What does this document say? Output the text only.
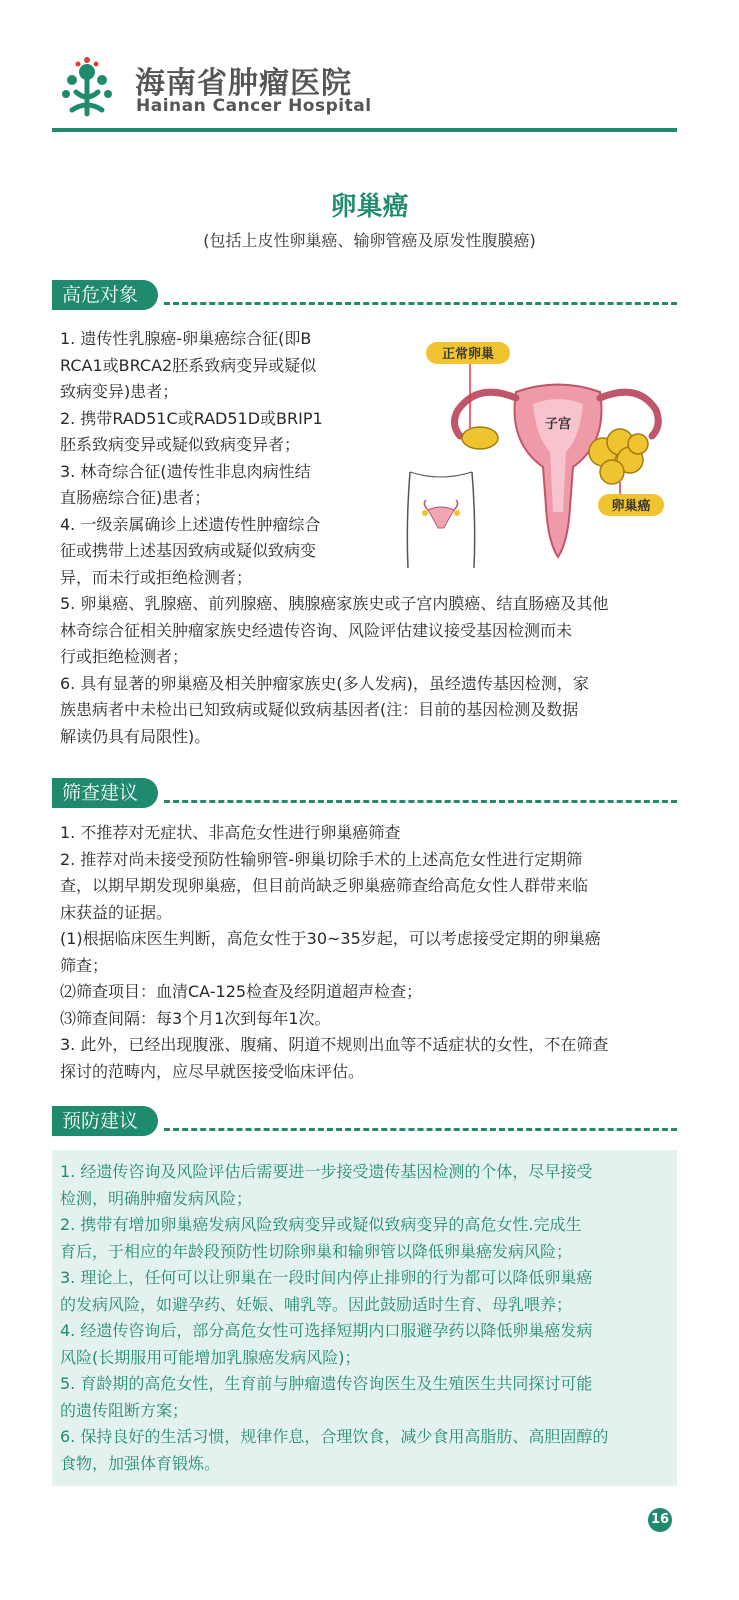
海南省肿瘤医院
Hainan Cancer Hospital
卵巢癌
(包括上皮性卵巢癌、输卵管癌及原发性腹膜癌)
高危对象
1. 遗传性乳腺癌-卵巢癌综合征(即B
RCA1或BRCA2胚系致病变异或疑似
致病变异)患者；
2. 携带RAD51C或RAD51D或BRIP1
胚系致病变异或疑似致病变异者；
3. 林奇综合征(遗传性非息肉病性结
直肠癌综合征)患者；
4. 一级亲属确诊上述遗传性肿瘤综合
征或携带上述基因致病或疑似致病变
异，而未行或拒绝检测者；
5. 卵巢癌、乳腺癌、前列腺癌、胰腺癌家族史或子宫内膜癌、结直肠癌及其他
林奇综合征相关肿瘤家族史经遗传咨询、风险评估建议接受基因检测而未
行或拒绝检测者；
6. 具有显著的卵巢癌及相关肿瘤家族史(多人发病)，虽经遗传基因检测，家
族患病者中未检出已知致病或疑似致病基因者(注：目前的基因检测及数据
解读仍具有局限性)。
正常卵巢
子宫
卵巢癌
筛查建议
1. 不推荐对无症状、非高危女性进行卵巢癌筛查
2. 推荐对尚未接受预防性输卵管-卵巢切除手术的上述高危女性进行定期筛
查，以期早期发现卵巢癌，但目前尚缺乏卵巢癌筛查给高危女性人群带来临
床获益的证据。
(1)根据临床医生判断，高危女性于30~35岁起，可以考虑接受定期的卵巢癌
筛查；
⑵筛查项目：血清CA-125检查及经阴道超声检查；
⑶筛查间隔：每3个月1次到每年1次。
3. 此外，已经出现腹涨、腹痛、阴道不规则出血等不适症状的女性，不在筛查
探讨的范畴内，应尽早就医接受临床评估。
预防建议
1. 经遗传咨询及风险评估后需要进一步接受遗传基因检测的个体，尽早接受
检测，明确肿瘤发病风险；
2. 携带有增加卵巢癌发病风险致病变异或疑似致病变异的高危女性.完成生
育后，于相应的年龄段预防性切除卵巢和输卵管以降低卵巢癌发病风险；
3. 理论上，任何可以让卵巢在一段时间内停止排卵的行为都可以降低卵巢癌
的发病风险，如避孕药、妊娠、哺乳等。因此鼓励适时生育、母乳喂养；
4. 经遗传咨询后，部分高危女性可选择短期内口服避孕药以降低卵巢癌发病
风险(长期服用可能增加乳腺癌发病风险)；
5. 育龄期的高危女性，生育前与肿瘤遗传咨询医生及生殖医生共同探讨可能
的遗传阻断方案；
6. 保持良好的生活习惯，规律作息，合理饮食，减少食用高脂肪、高胆固醇的
食物，加强体育锻炼。
16
